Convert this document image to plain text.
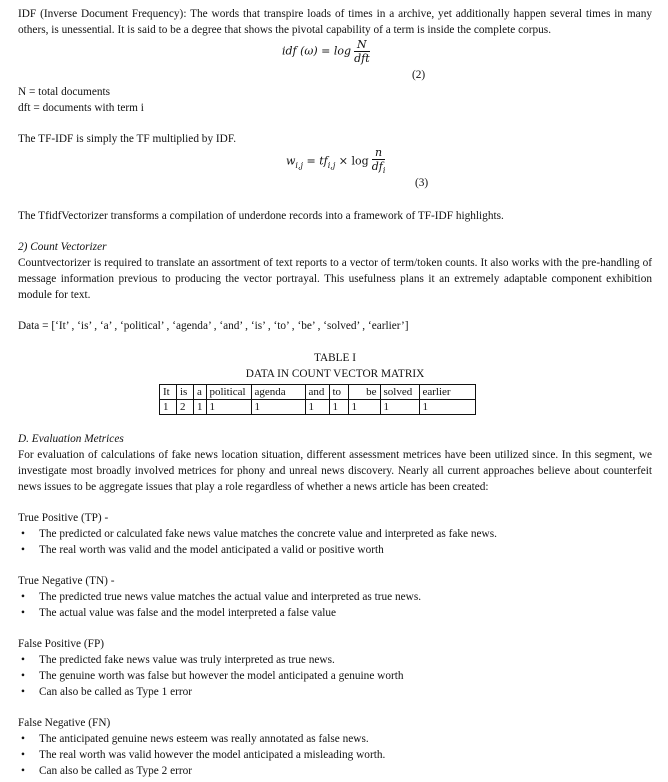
IDF (Inverse Document Frequency): The words that transpire loads of times in a archive, yet additionally happen several times in many others, is unessential. It is said to be a degree that shows the pivotal capability of a term is inside the complete corpus.
idf $(\omega) = \log \frac{N}{\text{dft}}$
(2)
N = total documents
dft = documents with term i
The TF-IDF is simply the TF multiplied by IDF.
$w_{i,j} = tf_{i,j} \times \log \frac{n}{df_i}$
(3)
The TfidfVectorizer transforms a compilation of underdone records into a framework of TF-IDF highlights.
2) Count Vectorizer
Countvectorizer is required to translate an assortment of text reports to a vector of term/token counts. It also works with the pre-handling of message information previous to producing the vector portrayal. This usefulness plans it an extremely adaptable component exhibition module for text.
Data = [‘It’ , ‘is’ , ‘a’ , ‘political’ , ‘agenda’ , ‘and’ , ‘is’ , ‘to’ , ‘be’ , ‘solved’ , ‘earlier’]
TABLE I
DATA IN COUNT VECTOR MATRIX
It	is	a	political	agenda	and	to	be	solved	earlier
1	2	1	1	1	1	1	1	1	1
D. Evaluation Metrices
For evaluation of calculations of fake news location situation, different assessment metrices have been utilized since. In this segment, we investigate most broadly involved metrices for phony and unreal news discovery. Nearly all current approaches believe about counterfeit news issues to be aggregate issues that play a role regardless of whether a news article has been created:
True Positive (TP) -
• The predicted or calculated fake news value matches the concrete value and interpreted as fake news.
• The real worth was valid and the model anticipated a valid or positive worth
True Negative (TN) -
• The predicted true news value matches the actual value and interpreted as true news.
• The actual value was false and the model interpreted a false value
False Positive (FP)
• The predicted fake news value was truly interpreted as true news.
• The genuine worth was false but however the model anticipated a genuine worth
• Can also be called as Type 1 error
False Negative (FN)
• The anticipated genuine news esteem was really annotated as false news.
• The real worth was valid however the model anticipated a misleading worth.
• Can also be called as Type 2 error
